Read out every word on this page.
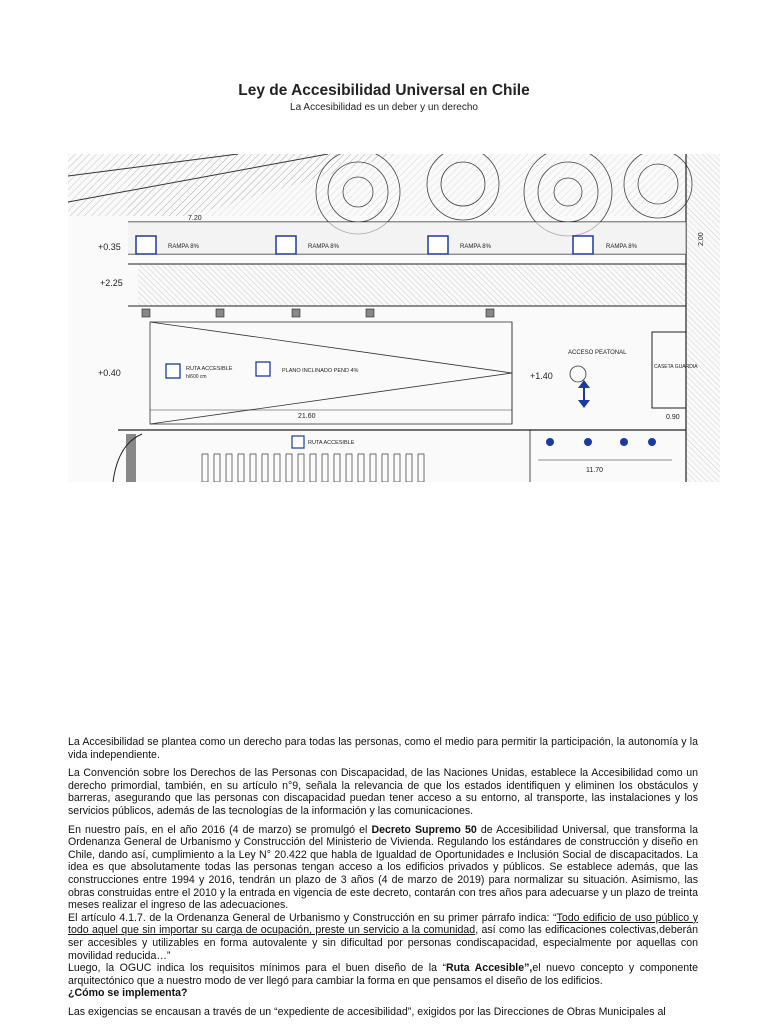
Ley de Accesibilidad Universal en Chile
La Accesibilidad es un deber y un derecho
RAMPA 8%	RAMPA 8%	RAMPA 8%	RAMPA 8%
+0.35
7.20
2.00
+2.25
+0.40	RUTA ACCESIBLE
h/600 cm
PLANO INCLINADO PEND 4%
21.60
ACCESO PEATONAL
+1.40
CASETA GUARDIA
0.90
RUTA ACCESIBLE
11.70

La Accesibilidad se plantea como un derecho para todas las personas, como el medio para permitir la participación, la autonomía y la vida independiente.

La Convención sobre los Derechos de las Personas con Discapacidad, de las Naciones Unidas, establece la Accesibilidad como un derecho primordial, también, en su artículo n°9, señala la relevancia de que los estados identifiquen y eliminen los obstáculos y barreras, asegurando que las personas con discapacidad puedan tener acceso a su entorno, al transporte, las instalaciones y los servicios públicos, además de las tecnologías de la información y las comunicaciones.

En nuestro país, en el año 2016 (4 de marzo) se promulgó el Decreto Supremo 50 de Accesibilidad Universal, que transforma la Ordenanza General de Urbanismo y Construcción del Ministerio de Vivienda. Regulando los estándares de construcción y diseño en Chile, dando así, cumplimiento a la Ley N° 20.422 que habla de Igualdad de Oportunidades e Inclusión Social de discapacitados. La idea es que absolutamente todas las personas tengan acceso a los edificios privados y públicos. Se establece además, que las construcciones entre 1994 y 2016, tendrán un plazo de 3 años (4 de marzo de 2019) para normalizar su situación. Asimismo, las obras construidas entre el 2010 y la entrada en vigencia de este decreto, contarán con tres años para adecuarse y un plazo de treinta meses realizar el ingreso de las adecuaciones.

El artículo 4.1.7. de la Ordenanza General de Urbanismo y Construcción en su primer párrafo indica: “Todo edificio de uso público y todo aquel que sin importar su carga de ocupación, preste un servicio a la comunidad, así como las edificaciones colectivas,deberán ser accesibles y utilizables en forma autovalente y sin dificultad por personas condiscapacidad, especialmente por aquellas con movilidad reducida…”

Luego, la OGUC indica los requisitos mínimos para el buen diseño de la “Ruta Accesible”,el nuevo concepto y componente arquitectónico que a nuestro modo de ver llegó para cambiar la forma en que pensamos el diseño de los edificios.

¿Cómo se implementa?

Las exigencias se encausan a través de un “expediente de accesibilidad”, exigidos por las Direcciones de Obras Municipales al
